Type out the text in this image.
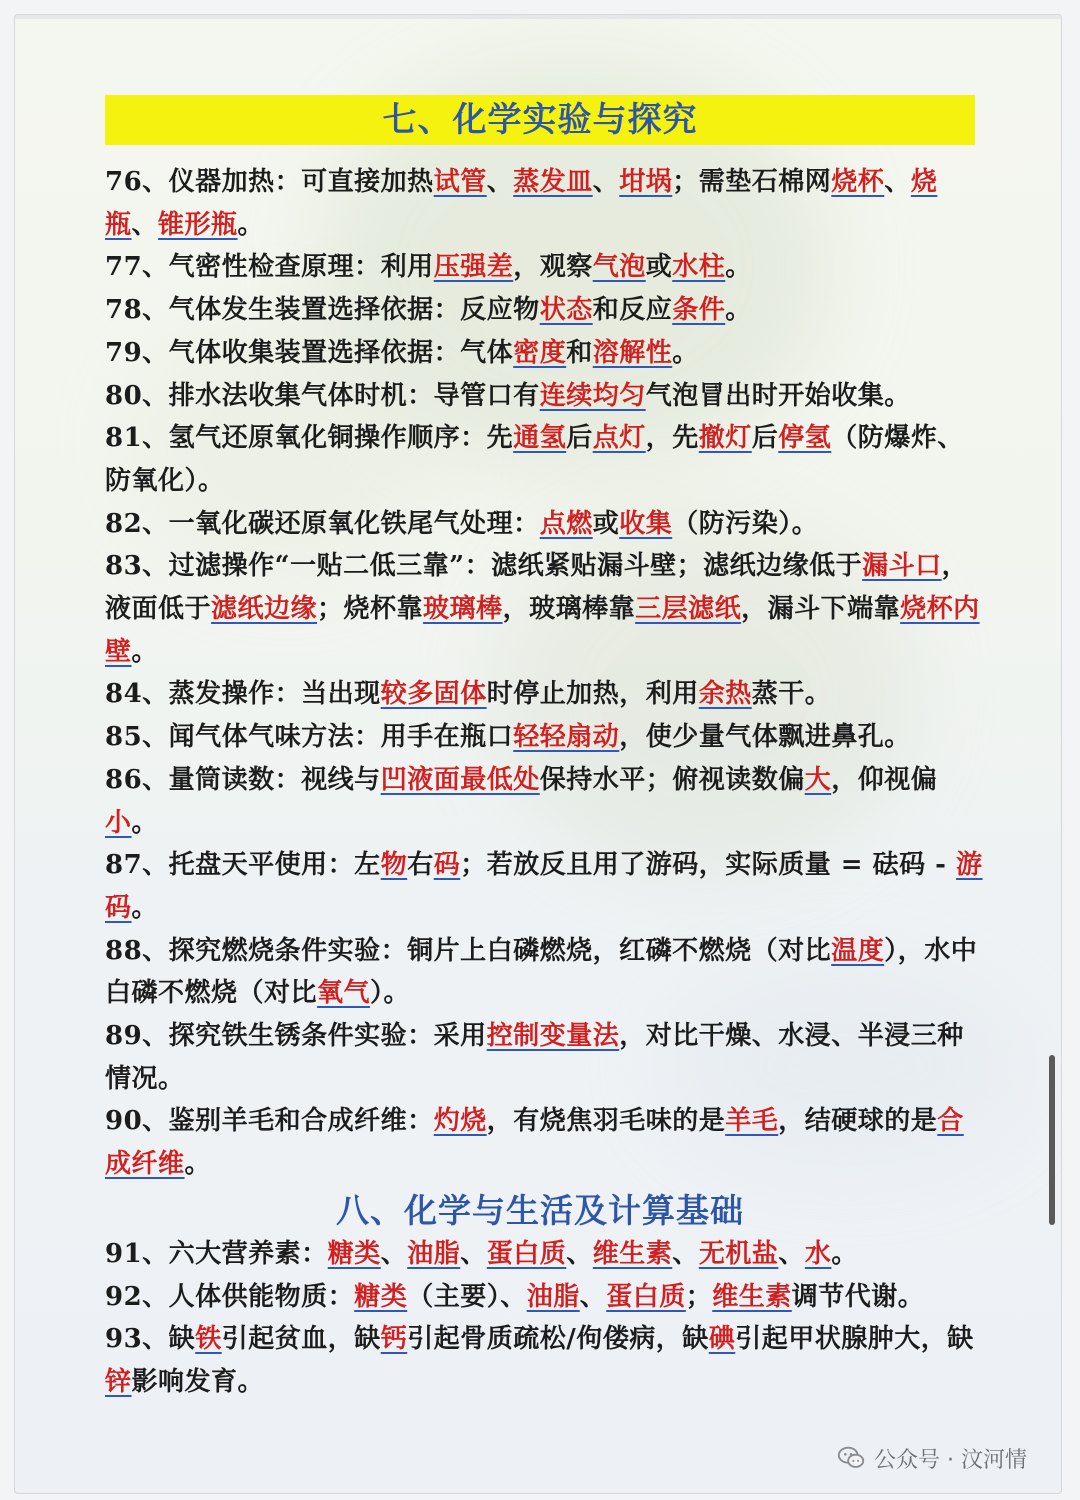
七、化学实验与探究
76、仪器加热：可直接加热试管、蒸发皿、坩埚；需垫石棉网烧杯、烧瓶、锥形瓶。
77、气密性检查原理：利用压强差，观察气泡或水柱。
78、气体发生装置选择依据：反应物状态和反应条件。
79、气体收集装置选择依据：气体密度和溶解性。
80、排水法收集气体时机：导管口有连续均匀气泡冒出时开始收集。
81、氢气还原氧化铜操作顺序：先通氢后点灯，先撤灯后停氢（防爆炸、防氧化）。
82、一氧化碳还原氧化铁尾气处理：点燃或收集（防污染）。
83、过滤操作“一贴二低三靠”：滤纸紧贴漏斗壁；滤纸边缘低于漏斗口，液面低于滤纸边缘；烧杯靠玻璃棒，玻璃棒靠三层滤纸，漏斗下端靠烧杯内壁。
84、蒸发操作：当出现较多固体时停止加热，利用余热蒸干。
85、闻气体气味方法：用手在瓶口轻轻扇动，使少量气体飘进鼻孔。
86、量筒读数：视线与凹液面最低处保持水平；俯视读数偏大，仰视偏小。
87、托盘天平使用：左物右码；若放反且用了游码，实际质量 = 砝码 - 游码。
88、探究燃烧条件实验：铜片上白磷燃烧，红磷不燃烧（对比温度），水中白磷不燃烧（对比氧气）。
89、探究铁生锈条件实验：采用控制变量法，对比干燥、水浸、半浸三种情况。
90、鉴别羊毛和合成纤维：灼烧，有烧焦羽毛味的是羊毛，结硬球的是合成纤维。
八、化学与生活及计算基础
91、六大营养素：糖类、油脂、蛋白质、维生素、无机盐、水。
92、人体供能物质：糖类（主要）、油脂、蛋白质；维生素调节代谢。
93、缺铁引起贫血，缺钙引起骨质疏松/佝偻病，缺碘引起甲状腺肿大，缺锌影响发育。
公众号 · 汶河情
